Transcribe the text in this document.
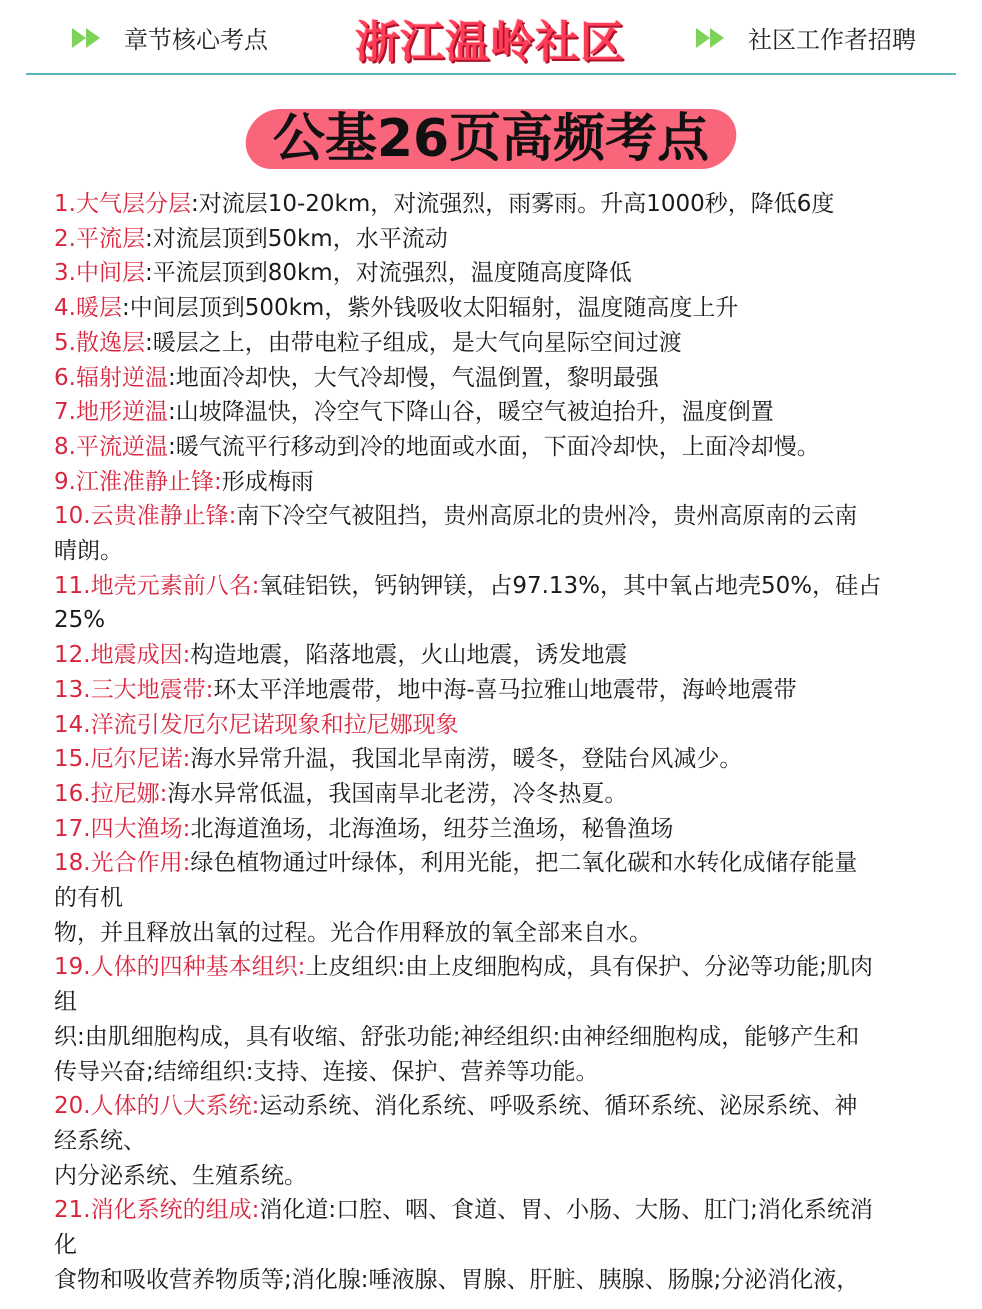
章节核心考点 浙江温岭社区	社区工作者招聘
公基26页高频考点
1.大气层分层:对流层10-20km，对流强烈，雨雾雨。升高1000秒，降低6度
2.平流层:对流层顶到50km，水平流动
3.中间层:平流层顶到80km，对流强烈，温度随高度降低
4.暖层:中间层顶到500km，紫外钱吸收太阳辐射，温度随高度上升
5.散逸层:暖层之上，由带电粒子组成，是大气向星际空间过渡
6.辐射逆温:地面冷却快，大气冷却慢，气温倒置，黎明最强
7.地形逆温:山坡降温快，冷空气下降山谷，暖空气被迫抬升，温度倒置
8.平流逆温:暖气流平行移动到冷的地面或水面，下面冷却快，上面冷却慢。
9.江淮准静止锋:形成梅雨
10.云贵准静止锋:南下冷空气被阻挡，贵州高原北的贵州冷，贵州高原南的云南
晴朗。
11.地壳元素前八名:氧硅铝铁，钙钠钾镁，占97.13%，其中氧占地壳50%，硅占
25%
12.地震成因:构造地震，陷落地震，火山地震，诱发地震
13.三大地震带:环太平洋地震带，地中海-喜马拉雅山地震带，海岭地震带
14.洋流引发厄尔尼诺现象和拉尼娜现象
15.厄尔尼诺:海水异常升温，我国北旱南涝，暖冬，登陆台风减少。
16.拉尼娜:海水异常低温，我国南旱北老涝，冷冬热夏。
17.四大渔场:北海道渔场，北海渔场，纽芬兰渔场，秘鲁渔场
18.光合作用:绿色植物通过叶绿体，利用光能，把二氧化碳和水转化成储存能量
的有机
物，并且释放出氧的过程。光合作用释放的氧全部来自水。
19.人体的四种基本组织:上皮组织:由上皮细胞构成，具有保护、分泌等功能;肌肉
组
织:由肌细胞构成，具有收缩、舒张功能;神经组织:由神经细胞构成，能够产生和
传导兴奋;结缔组织:支持、连接、保护、营养等功能。
20.人体的八大系统:运动系统、消化系统、呼吸系统、循环系统、泌尿系统、神
经系统、
内分泌系统、生殖系统。
21.消化系统的组成:消化道:口腔、咽、食道、胃、小肠、大肠、肛门;消化系统消
化
食物和吸收营养物质等;消化腺:唾液腺、胃腺、肝脏、胰腺、肠腺;分泌消化液，
